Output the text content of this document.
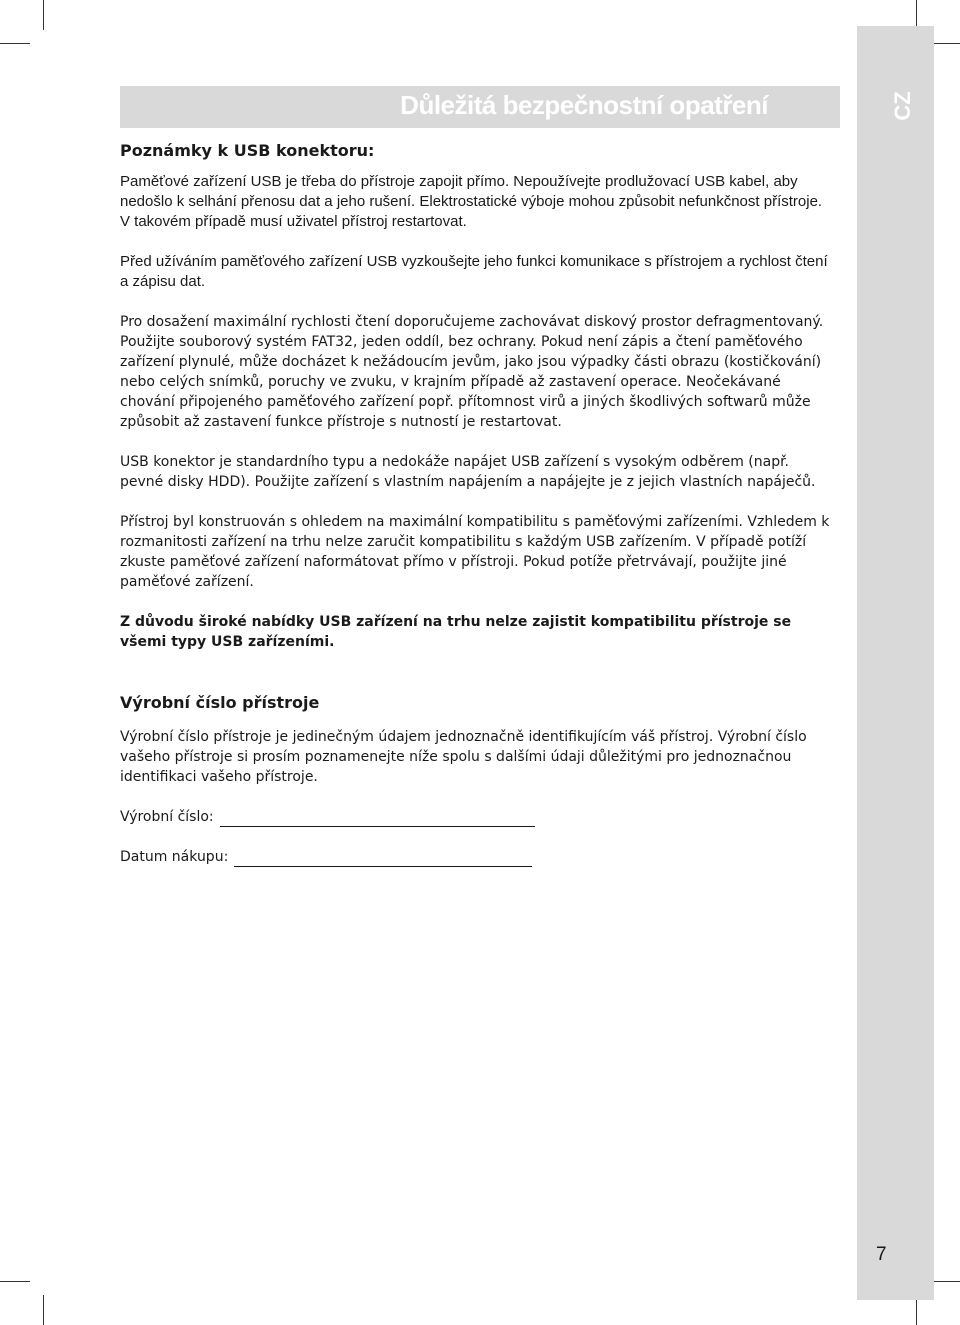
CZ
7
Důležitá bezpečnostní opatření
Poznámky k USB konektoru:

Paměťové zařízení USB je třeba do přístroje zapojit přímo. Nepoužívejte prodlužovací USB kabel, aby nedošlo k selhání přenosu dat a jeho rušení. Elektrostatické výboje mohou způsobit nefunkčnost přístroje. V takovém případě musí uživatel přístroj restartovat.

Před užíváním paměťového zařízení USB vyzkoušejte jeho funkci komunikace s přístrojem a rychlost čtení a zápisu dat.

Pro dosažení maximální rychlosti čtení doporučujeme zachovávat diskový prostor defragmentovaný. Použijte souborový systém FAT32, jeden oddíl, bez ochrany. Pokud není zápis a čtení paměťového zařízení plynulé, může docházet k nežádoucím jevům, jako jsou výpadky části obrazu (kostičkování) nebo celých snímků, poruchy ve zvuku, v krajním případě až zastavení operace. Neočekávané chování připojeného paměťového zařízení popř. přítomnost virů a jiných škodlivých softwarů může způsobit až zastavení funkce přístroje s nutností je restartovat.

USB konektor je standardního typu a nedokáže napájet USB zařízení s vysokým odběrem (např. pevné disky HDD). Použijte zařízení s vlastním napájením a napájejte je z jejich vlastních napáječů.

Přístroj byl konstruován s ohledem na maximální kompatibilitu s paměťovými zařízeními. Vzhledem k rozmanitosti zařízení na trhu nelze zaručit kompatibilitu s každým USB zařízením. V případě potíží zkuste paměťové zařízení naformátovat přímo v přístroji. Pokud potíže přetrvávají, použijte jiné paměťové zařízení.

Z důvodu široké nabídky USB zařízení na trhu nelze zajistit kompatibilitu přístroje se všemi typy USB zařízeními.

Výrobní číslo přístroje

Výrobní číslo přístroje je jedinečným údajem jednoznačně identifikujícím váš přístroj. Výrobní číslo vašeho přístroje si prosím poznamenejte níže spolu s dalšími údaji důležitými pro jednoznačnou identifikaci vašeho přístroje.

Výrobní číslo:
Datum nákupu:
